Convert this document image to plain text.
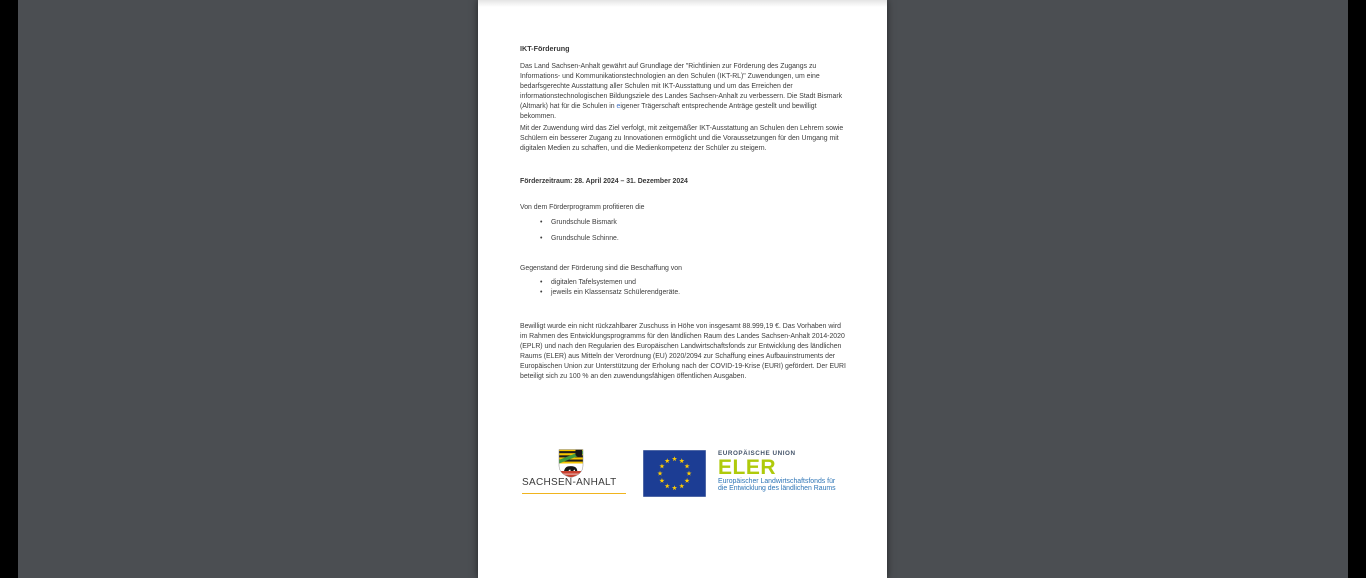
IKT-Förderung
Das Land Sachsen-Anhalt gewährt auf Grundlage der "Richtlinien zur Förderung des Zugangs zu Informations- und Kommunikationstechnologien an den Schulen (IKT-RL)" Zuwendungen, um eine bedarfsgerechte Ausstattung aller Schulen mit IKT-Ausstattung und um das Erreichen der informationstechnologischen Bildungsziele des Landes Sachsen-Anhalt zu verbessern. Die Stadt Bismark (Altmark) hat für die Schulen in eigener Trägerschaft entsprechende Anträge gestellt und bewilligt bekommen.
Mit der Zuwendung wird das Ziel verfolgt, mit zeitgemäßer IKT-Ausstattung an Schulen den Lehrern sowie Schülern ein besserer Zugang zu Innovationen ermöglicht und die Voraussetzungen für den Umgang mit digitalen Medien zu schaffen, und die Medienkompetenz der Schüler zu steigern.
Förderzeitraum: 28. April 2024 – 31. Dezember 2024
Von dem Förderprogramm profitieren die
• Grundschule Bismark
• Grundschule Schinne.
Gegenstand der Förderung sind die Beschaffung von
• digitalen Tafelsystemen und
• jeweils ein Klassensatz Schülerendgeräte.
Bewilligt wurde ein nicht rückzahlbarer Zuschuss in Höhe von insgesamt 88.999,19 €. Das Vorhaben wird im Rahmen des Entwicklungsprogramms für den ländlichen Raum des Landes Sachsen-Anhalt 2014-2020 (EPLR) und nach den Regularien des Europäischen Landwirtschaftsfonds zur Entwicklung des ländlichen Raums (ELER) aus Mitteln der Verordnung (EU) 2020/2094 zur Schaffung eines Aufbauinstruments der Europäischen Union zur Unterstützung der Erholung nach der COVID-19-Krise (EURI) gefördert. Der EURI beteiligt sich zu 100 % an den zuwendungsfähigen öffentlichen Ausgaben.
SACHSEN-ANHALT
EUROPÄISCHE UNION
ELER
Europäischer Landwirtschaftsfonds für
die Entwicklung des ländlichen Raums
